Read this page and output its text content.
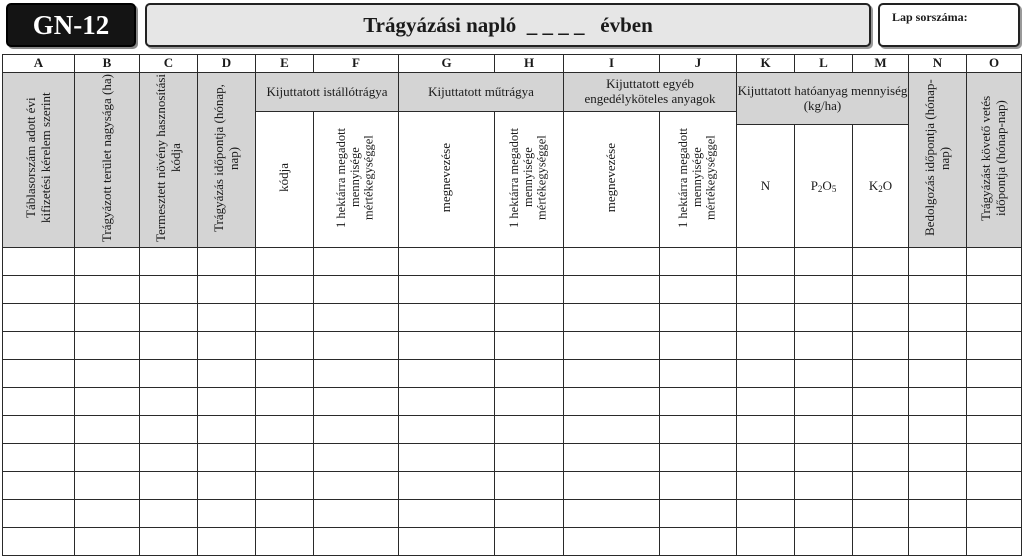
GN-12	Trágyázási napló  _ _ _ _   évben	Lap sorszáma:
A	B	C	D	E	F	G	H	I	J	K	L	M	N	O
Táblasorszám adott évi kifizetési kérelem szerint	Trágyázott terület nagysága (ha)	Termesztett növény hasznosítási kódja	Trágyázás időpontja (hónap, nap)	Kijuttatott istállótrágya		Kijuttatott műtrágya		Kijuttatott egyéb engedélyköteles anyagok		Kijuttatott hatóanyag mennyiség (kg/ha)			Bedolgozás időpontja (hónap-nap)	Trágyázást követő vetés időpontja (hónap-nap)
				kódja	1 hektárra megadott mennyisége mértékegységgel	megnevezése	1 hektárra megadott mennyisége mértékegységgel	megnevezése	1 hektárra megadott mennyisége mértékegységgel					
										N	$P_2O_5$	$K_2O$		
